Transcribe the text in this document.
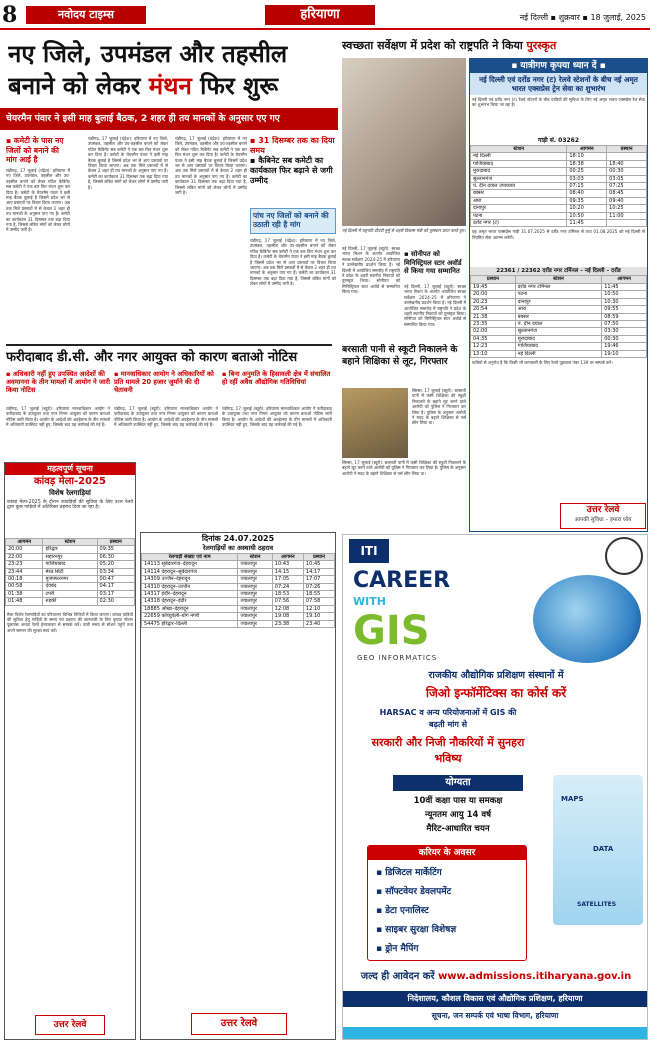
8	नवोदय टाइम्स	हरियाणा	नई दिल्ली ▪ शुक्रवार ▪ 18 जुलाई, 2025
नए जिले, उपमंडल और तहसील
बनाने को लेकर मंथन फिर शुरू
चेयरमैन पंवार ने इसी माह बुलाई बैठक, 2 शहर ही तय मानकों के अनुसार एए गए
▪ कमेटी के पास नए जिलों को बनाने की मांग आई है
चंडीगढ़, 17 जुलाई (चंद्रेश): हरियाणा में नए जिले, उपमंडल, तहसील और उप-तहसील बनाने को लेकर गठित कैबिनेट सब कमेटी ने एक बार फिर मंथन शुरू कर दिया है। कमेटी के चेयरमैन पंवार ने इसी माह बैठक बुलाई है जिसमें प्रदेश भर से आए प्रस्तावों पर विचार किया जाएगा। अब तक मिले प्रस्तावों में से केवल 2 शहर ही तय मानकों के अनुसार पाए गए हैं। कमेटी का कार्यकाल 31 दिसम्बर तक बढ़ा दिया गया है, जिससे लंबित मांगों को लेकर लोगों में उम्मीद जगी है।
चंडीगढ़, 17 जुलाई (चंद्रेश): हरियाणा में नए जिले, उपमंडल, तहसील और उप-तहसील बनाने को लेकर गठित कैबिनेट सब कमेटी ने एक बार फिर मंथन शुरू कर दिया है। कमेटी के चेयरमैन पंवार ने इसी माह बैठक बुलाई है जिसमें प्रदेश भर से आए प्रस्तावों पर विचार किया जाएगा। अब तक मिले प्रस्तावों में से केवल 2 शहर ही तय मानकों के अनुसार पाए गए हैं। कमेटी का कार्यकाल 31 दिसम्बर तक बढ़ा दिया गया है, जिससे लंबित मांगों को लेकर लोगों में उम्मीद जगी है।
चंडीगढ़, 17 जुलाई (चंद्रेश): हरियाणा में नए जिले, उपमंडल, तहसील और उप-तहसील बनाने को लेकर गठित कैबिनेट सब कमेटी ने एक बार फिर मंथन शुरू कर दिया है। कमेटी के चेयरमैन पंवार ने इसी माह बैठक बुलाई है जिसमें प्रदेश भर से आए प्रस्तावों पर विचार किया जाएगा। अब तक मिले प्रस्तावों में से केवल 2 शहर ही तय मानकों के अनुसार पाए गए हैं। कमेटी का कार्यकाल 31 दिसम्बर तक बढ़ा दिया गया है, जिससे लंबित मांगों को लेकर लोगों में उम्मीद जगी है।
▪ 31 दिसम्बर तक का दिया समय
▪ कैबिनेट सब कमेटी का कार्यकाल फिर बढ़ाने से जगी उम्मीद
पांच नए जिलों को बनाने की उठाती रही है मांग
चंडीगढ़, 17 जुलाई (चंद्रेश): हरियाणा में नए जिले, उपमंडल, तहसील और उप-तहसील बनाने को लेकर गठित कैबिनेट सब कमेटी ने एक बार फिर मंथन शुरू कर दिया है। कमेटी के चेयरमैन पंवार ने इसी माह बैठक बुलाई है जिसमें प्रदेश भर से आए प्रस्तावों पर विचार किया जाएगा। अब तक मिले प्रस्तावों में से केवल 2 शहर ही तय मानकों के अनुसार पाए गए हैं। कमेटी का कार्यकाल 31 दिसम्बर तक बढ़ा दिया गया है, जिससे लंबित मांगों को लेकर लोगों में उम्मीद जगी है।
स्वच्छता सर्वेक्षण में प्रदेश को राष्ट्रपति ने किया पुरस्कृत
नई दिल्ली में राष्ट्रपति द्रौपदी मुर्मू से शहरी विकास मंत्री को पुरस्कार प्राप्त करते हुए।
नई दिल्ली, 17 जुलाई (ब्यूरो): स्वच्छ भारत मिशन के अंतर्गत आयोजित स्वच्छ सर्वेक्षण 2024-25 में हरियाणा ने उल्लेखनीय प्रदर्शन किया है। नई दिल्ली में आयोजित समारोह में राष्ट्रपति ने प्रदेश के शहरी स्थानीय निकायों को पुरस्कृत किया। सोनीपत को मिनिस्ट्रियल स्टार अवॉर्ड से सम्मानित किया गया।
▪ सोनीपत को मिनिस्ट्रियल स्टार अवॉर्ड से किया गया सम्मानित
नई दिल्ली, 17 जुलाई (ब्यूरो): स्वच्छ भारत मिशन के अंतर्गत आयोजित स्वच्छ सर्वेक्षण 2024-25 में हरियाणा ने उल्लेखनीय प्रदर्शन किया है। नई दिल्ली में आयोजित समारोह में राष्ट्रपति ने प्रदेश के शहरी स्थानीय निकायों को पुरस्कृत किया। सोनीपत को मिनिस्ट्रियल स्टार अवॉर्ड से सम्मानित किया गया।
▪ यात्रीगण कृपया ध्यान दें ▪
नई दिल्ली एवं दर्रोड नगर (ट) रेलवे स्टेशनों के बीच नई अमृत भारत एक्सप्रेस ट्रेन सेवा का शुभारंभ
नई दिल्ली एवं दर्रोड नगर (ट) रेलवे स्टेशनों के बीच यात्रियों की सुविधा के लिए नई अमृत भारत एक्सप्रेस रेल सेवा का शुभारंभ किया जा रहा है।
गाड़ी सं. 03262
स्टेशन	आगमन	प्रस्थान
नई दिल्ली	18:10	
गाजियाबाद	18:38	18:40
मुरादाबाद	00:25	00:30
सुल्तानगंज	03:03	03:05
पं. दीन दयाल उपाध्याय	07:15	07:25
बक्सर	08:40	08:45
आरा	09:35	09:40
दानापुर	10:20	10:25
पटना	10:50	11:00
दर्रोड नगर (ट)	11:45	
यह अमृत भारत एक्सप्रेस गाड़ी 31.07.2025 से दर्रोड नगर टर्मिनल से तथा 01.08.2025 को नई दिल्ली से नियमित सेवा आरम्भ करेगी।
22361 / 22362 दर्रोड नगर टर्मिनल – नई दिल्ली – दर्रोड
प्रस्थान	स्टेशन	आगमन
19:45	दर्रोड नगर टर्मिनल	11:45
20:00	पटना	10:50
20:23	दानापुर	10:30
20:54	आरा	09:55
21:38	बक्सर	08:59
23:35	पं. दीन दयाल	07:50
02:00	सुल्तानगंज	03:30
04:35	मुरादाबाद	00:30
12:23	गाजियाबाद	19:46
13:10	नई दिल्ली	19:10
यात्रियों से अनुरोध है कि किसी भी जानकारी के लिए रेलवे पूछताछ नंबर 139 पर सम्पर्क करें।
उत्तर रेलवे
आपकी सुविधा – हमारा ध्येय
फरीदाबाद डी.सी. और नगर आयुक्त को कारण बताओ नोटिस
▪ अधिकारी नहीं हुए उपस्थित आदेशों की अवमानना के तीन मामलों में आयोग ने जारी किया नोटिस
▪ मानवाधिकार आयोग ने अधिकारियों को प्रति मामले 20 हजार जुर्माने की दी चेतावनी
▪ बिना अनुमति के हिसावली क्षेत्र में संचालित हो रहीं अवैध औद्योगिक गतिविधियां
चंडीगढ़, 17 जुलाई (ब्यूरो): हरियाणा मानवाधिकार आयोग ने फरीदाबाद के उपायुक्त तथा नगर निगम आयुक्त को कारण बताओ नोटिस जारी किया है। आयोग के आदेशों की अवहेलना के तीन मामलों में अधिकारी उपस्थित नहीं हुए, जिसके बाद यह कार्रवाई की गई है।
चंडीगढ़, 17 जुलाई (ब्यूरो): हरियाणा मानवाधिकार आयोग ने फरीदाबाद के उपायुक्त तथा नगर निगम आयुक्त को कारण बताओ नोटिस जारी किया है। आयोग के आदेशों की अवहेलना के तीन मामलों में अधिकारी उपस्थित नहीं हुए, जिसके बाद यह कार्रवाई की गई है।
चंडीगढ़, 17 जुलाई (ब्यूरो): हरियाणा मानवाधिकार आयोग ने फरीदाबाद के उपायुक्त तथा नगर निगम आयुक्त को कारण बताओ नोटिस जारी किया है। आयोग के आदेशों की अवहेलना के तीन मामलों में अधिकारी उपस्थित नहीं हुए, जिसके बाद यह कार्रवाई की गई है।
बरसाती पानी से स्कूटी निकालने के बहाने शिक्षिका से लूट, गिरफ्तार
सिरसा, 17 जुलाई (ब्यूरो): बरसाती पानी में फंसी शिक्षिका की स्कूटी निकालने के बहाने लूट करने वाले आरोपी को पुलिस ने गिरफ्तार कर लिया है। पुलिस के अनुसार आरोपी ने मदद के बहाने शिक्षिका से पर्स छीन लिया था।
सिरसा, 17 जुलाई (ब्यूरो): बरसाती पानी में फंसी शिक्षिका की स्कूटी निकालने के बहाने लूट करने वाले आरोपी को पुलिस ने गिरफ्तार कर लिया है। पुलिस के अनुसार आरोपी ने मदद के बहाने शिक्षिका से पर्स छीन लिया था।
महत्वपूर्ण सूचना
कांवड़ मेला-2025
विशेष रेलगाड़ियां
कांवड़ मेला-2025 के दौरान कांवड़ियों की सुविधा के लिए उत्तर रेलवे द्वारा कुछ गाड़ियों में अतिरिक्त ठहराव दिया जा रहा है।
आगमन	स्टेशन	प्रस्थान
20:00	हरिद्वार	09:35
22:00	सहारनपुर	06:30
23:23	गाजियाबाद	05:20
23:44	मेरठ सिटी	03:34
00:18	मुजफ्फरनगर	00:47
00:58	देवबंद	04:17
01:38	टपरी	03:17
01:48	रुड़की	02:30
मेला विशेष रेलगाड़ियों का परिचालन विभिन्न तिथियों में किया जाएगा। कांवड़ यात्रियों की सुविधा हेतु गाड़ियों के समय एवं ठहराव की जानकारी के लिए कृपया स्टेशन पूछताछ अथवा रेलवे हेल्पलाइन से सम्पर्क करें। यात्री समय से स्टेशन पहुंचें तथा अपने सामान की सुरक्षा स्वयं करें।
उत्तर रेलवे
दिनांक 24.07.2025
रेलगाड़ियों का अस्थायी ठहराव
रेलगाड़ी संख्या एवं नाम	स्टेशन	आगमन	प्रस्थान
14113 सूबेदारगंज–देहरादून	ज्वालापुर	10:43	10:45
14114 देहरादून–सूबेदारगंज	ज्वालापुर	14:15	14:17
14309 उज्जैन–देहरादून	ज्वालापुर	17:05	17:07
14310 देहरादून–उज्जैन	ज्वालापुर	07:24	07:26
14317 इंदौर–देहरादून	ज्वालापुर	18:53	18:55
14318 देहरादून–इंदौर	ज्वालापुर	07:56	07:58
18885 ओखा–देहरादून	ज्वालापुर	12:08	12:10
22659 कोच्चुवेली–योग नगरी	ज्वालापुर	19:08	19:10
54475 हरिद्वार–दिल्ली	ज्वालापुर	23:38	23:40
उत्तर रेलवे
ITI
CAREER
WITH
GIS
GEO INFORMATICS
राजकीय औद्योगिक प्रशिक्षण संस्थानों में
जिओ इन्फॉर्मेटिक्स का कोर्स करें
HARSAC व अन्य परियोजनाओं में GIS की बढ़ती मांग से
सरकारी और निजी नौकरियों में सुनहरा भविष्य
योग्यता
10वीं कक्षा पास या समकक्ष
न्यूनतम आयु 14 वर्ष
मैरिट-आधारित चयन
MAPS
DATA
SATELLITES
करियर के अवसर
▪ डिजिटल मार्केटिंग
▪ सॉफ्टवेयर डेवलपमेंट
▪ डेटा एनालिस्ट
▪ साइबर सुरक्षा विशेषज्ञ
▪ ड्रोन मैपिंग
जल्द ही आवेदन करें www.admissions.itiharyana.gov.in
निदेशालय, कौशल विकास एवं औद्योगिक प्रशिक्षण, हरियाणा
सूचना, जन सम्पर्क एवं भाषा विभाग, हरियाणा
